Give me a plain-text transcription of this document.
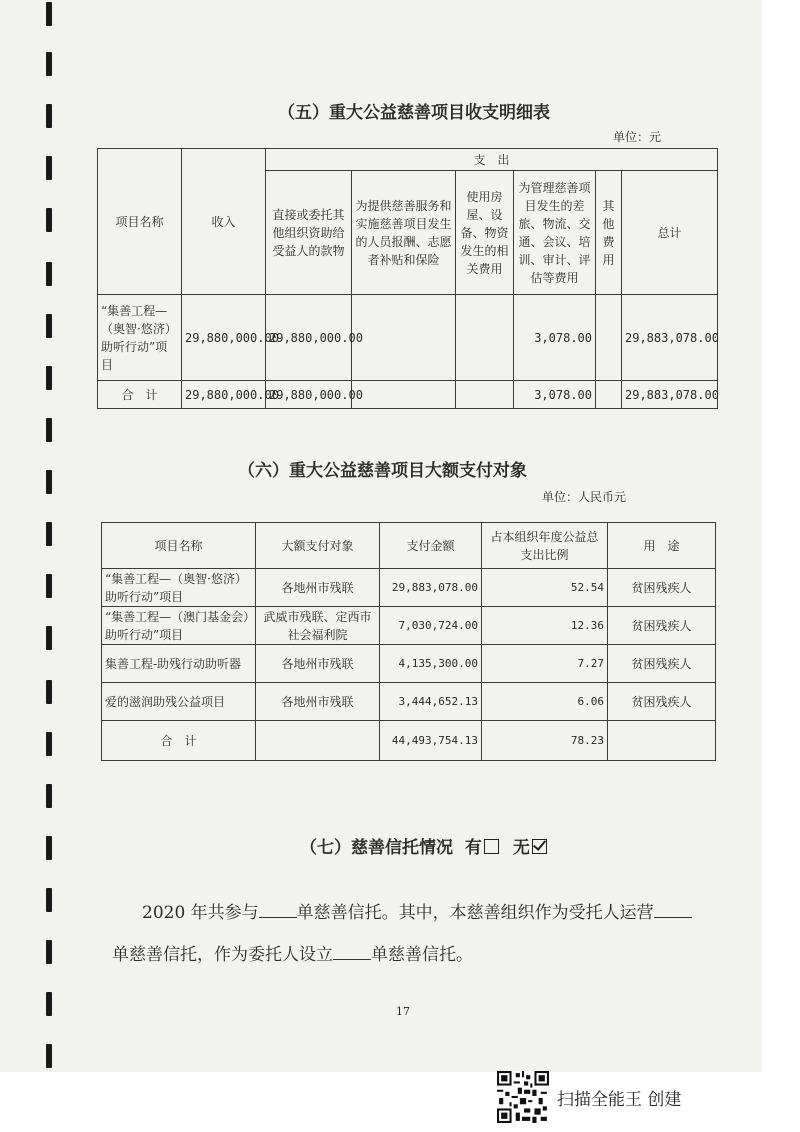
（五）重大公益慈善项目收支明细表
单位：元
项目名称	收入	支　出					
		直接或委托其他组织资助给受益人的款物	为提供慈善服务和实施慈善项目发生的人员报酬、志愿者补贴和保险	使用房屋、设备、物资发生的相关费用	为管理慈善项目发生的差旅、物流、交通、会议、培训、审计、评估等费用	其他费用	总计
“集善工程—（奥智·悠济）助听行动”项目	29,880,000.00	29,880,000.00			3,078.00		29,883,078.00
合　计	29,880,000.00	29,880,000.00			3,078.00		29,883,078.00
（六）重大公益慈善项目大额支付对象
单位：人民币元
项目名称	大额支付对象	支付金额	占本组织年度公益总支出比例	用　途
“集善工程—（奥智·悠济）助听行动”项目	各地州市残联	29,883,078.00	52.54	贫困残疾人
“集善工程—（澳门基金会）助听行动”项目	武威市残联、定西市社会福利院	7,030,724.00	12.36	贫困残疾人
集善工程-助残行动助听器	各地州市残联	4,135,300.00	7.27	贫困残疾人
爱的滋润助残公益项目	各地州市残联	3,444,652.13	6.06	贫困残疾人
合　计		44,493,754.13	78.23	
（七）慈善信托情况 有 无
2020 年共参与 单慈善信托。其中，本慈善组织作为受托人运营
单慈善信托，作为委托人设立 单慈善信托。
17
扫描全能王 创建
